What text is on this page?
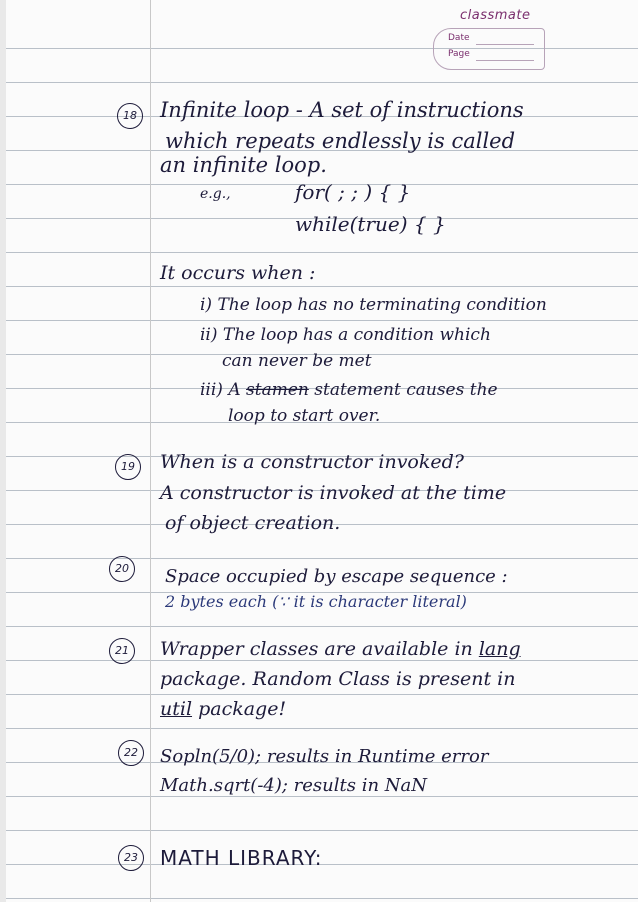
classmate
Date
Page
18 Infinite loop - A set of instructions
which repeats endlessly is called
an infinite loop.
e.g.,	for( ; ; ) { }
while(true) { }
It occurs when :
i) The loop has no terminating condition
ii) The loop has a condition which
can never be met
iii) A stamen statement causes the
loop to start over.
19	When is a constructor invoked?
A constructor is invoked at the time
of object creation.
20	Space occupied by escape sequence :
2 bytes each (∵ it is character literal)
21	Wrapper classes are available in lang
package. Random Class is present in
util package!
22	Sopln(5/0); results in Runtime error
Math.sqrt(-4); results in NaN
23	MATH LIBRARY:
